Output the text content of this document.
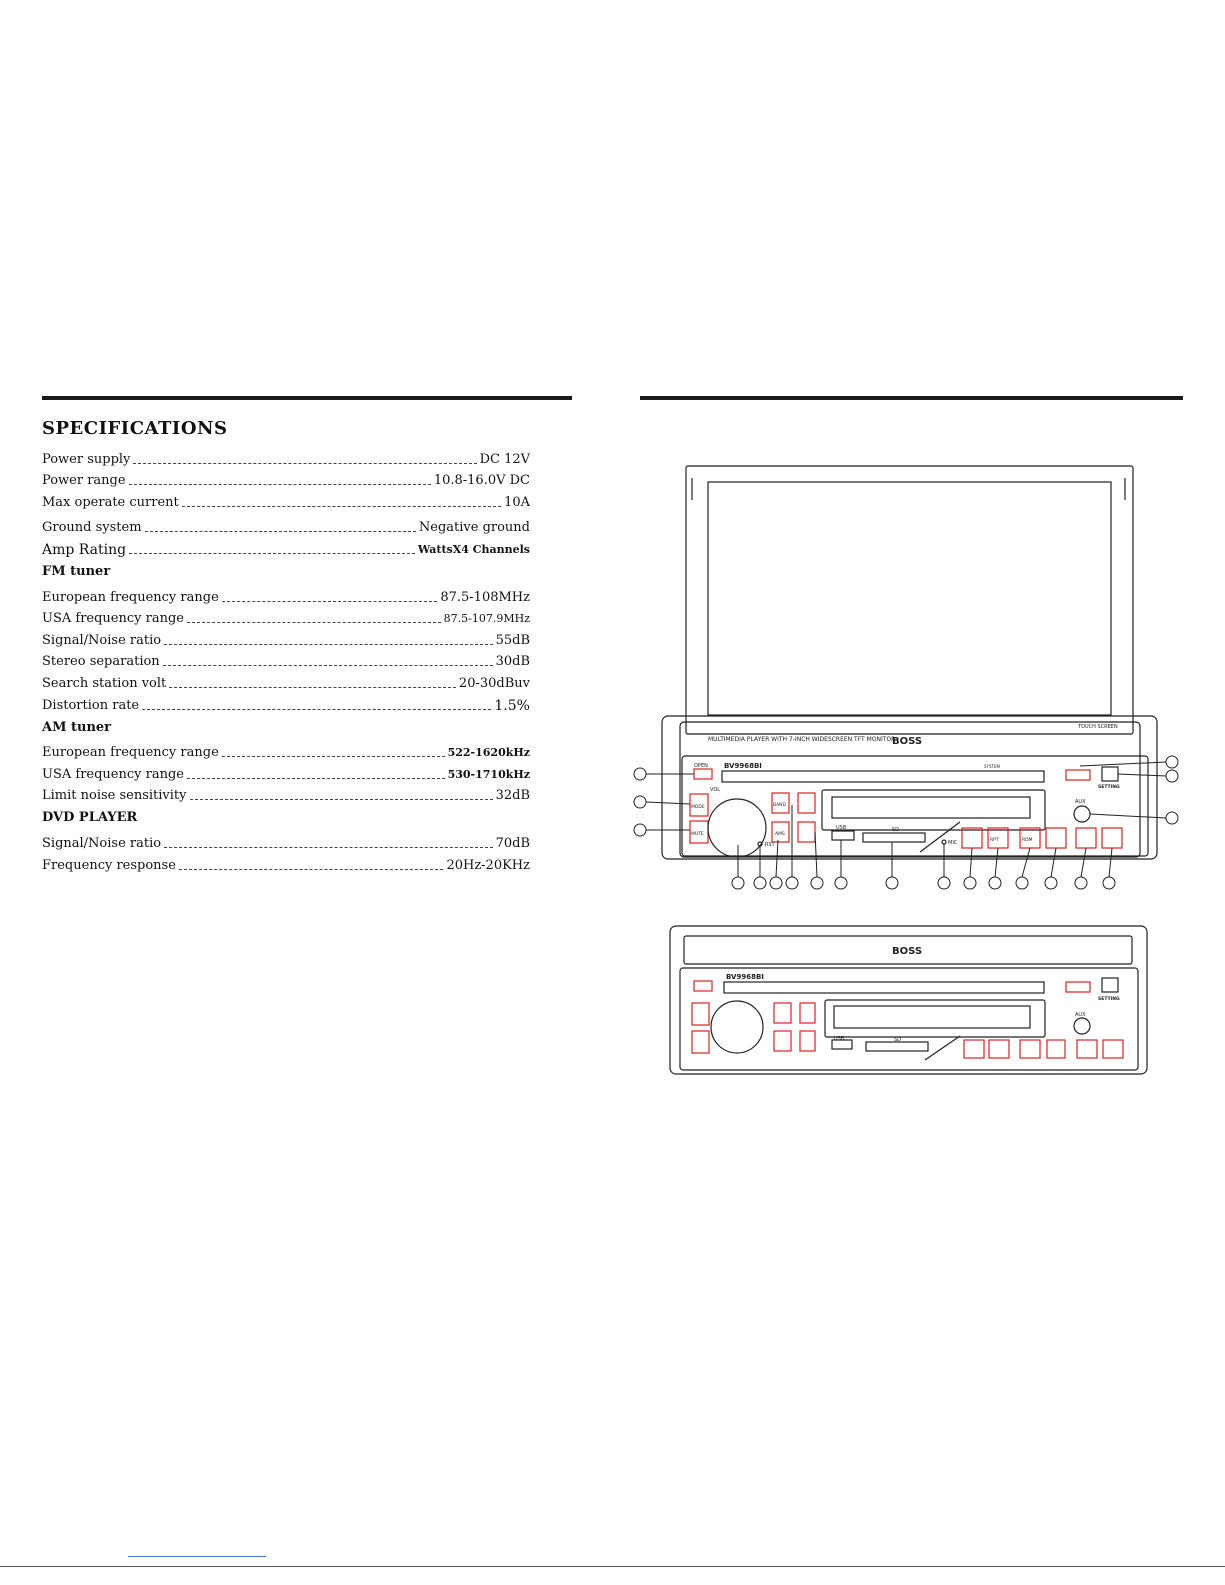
SPECIFICATIONS
Power supply	DC 12V
Power range	10.8-16.0V DC
Max operate current	10A
Ground system	Negative ground
Amp Rating	WattsX4 Channels
FM tuner
European frequency range	87.5-108MHz
USA frequency range	87.5-107.9MHz
Signal/Noise ratio	55dB
Stereo separation	30dB
Search station volt	20-30dBuv
Distortion rate	1.5%
AM tuner
European frequency range	522-1620kHz
USA frequency range	530-1710kHz
Limit noise sensitivity	32dB
DVD PLAYER
Signal/Noise ratio	70dB
Frequency response	20Hz-20KHz
MULTIMEDIA PLAYER WITH 7-INCH WIDESCREEN TFT MONITOR
BOSS
TOUCH SCREEN
BV9968BI
OPEN
VOL
MODE
MUTE
BAND
AMS
RST
USB	SD
MIC	RPT	RDM
AUX
SETTING
SYSTEM
BOSS
BV9968BI
USB	SD
AUX
SETTING
